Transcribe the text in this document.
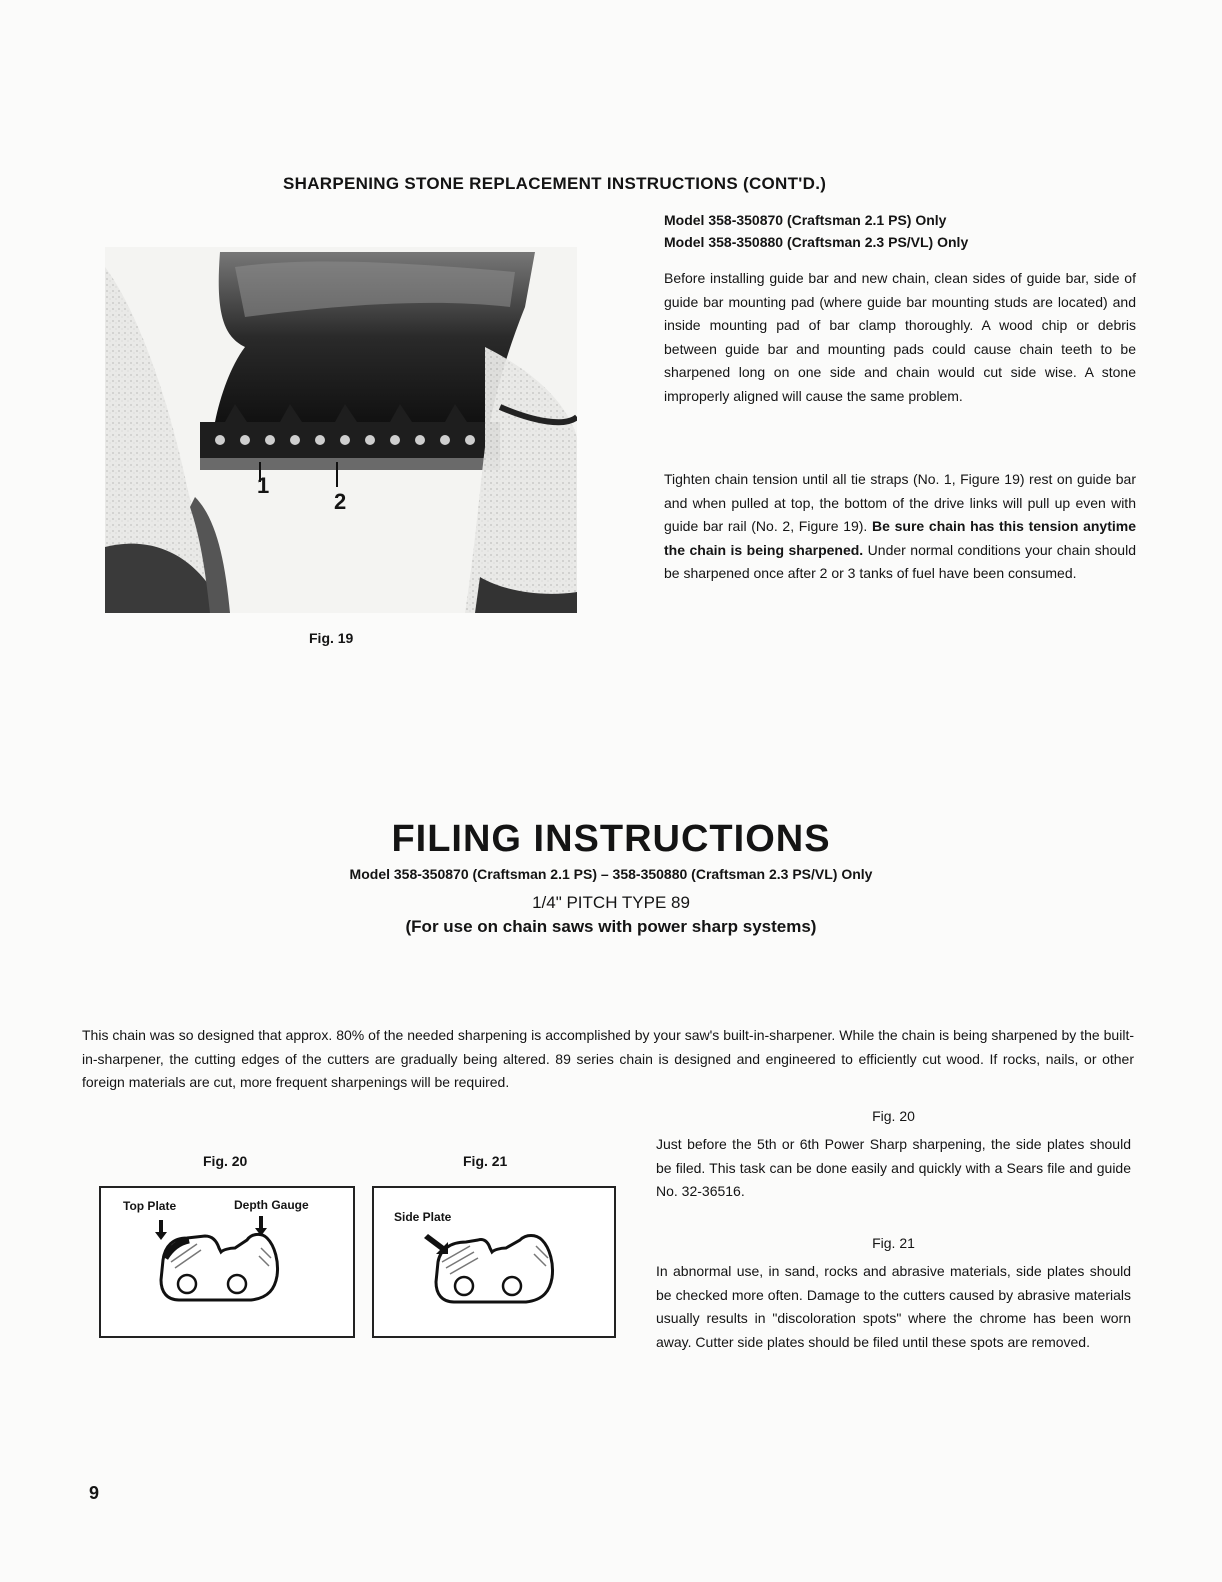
SHARPENING STONE REPLACEMENT INSTRUCTIONS (CONT'D.)
Model 358-350870 (Craftsman 2.1 PS) Only
Model 358-350880 (Craftsman 2.3 PS/VL) Only
1
2
Fig. 19
Before installing guide bar and new chain, clean sides of guide bar, side of guide bar mounting pad (where guide bar mounting studs are located) and inside mounting pad of bar clamp thoroughly. A wood chip or debris between guide bar and mounting pads could cause chain teeth to be sharpened long on one side and chain would cut side wise. A stone improperly aligned will cause the same problem.
Tighten chain tension until all tie straps (No. 1, Figure 19) rest on guide bar and when pulled at top, the bottom of the drive links will pull up even with guide bar rail (No. 2, Figure 19). Be sure chain has this tension anytime the chain is being sharpened. Under normal conditions your chain should be sharpened once after 2 or 3 tanks of fuel have been consumed.
FILING INSTRUCTIONS
Model 358-350870 (Craftsman 2.1 PS) – 358-350880 (Craftsman 2.3 PS/VL) Only
1/4" PITCH TYPE 89
(For use on chain saws with power sharp systems)
This chain was so designed that approx. 80% of the needed sharpening is accomplished by your saw's built-in-sharpener. While the chain is being sharpened by the built-in-sharpener, the cutting edges of the cutters are gradually being altered. 89 series chain is designed and engineered to efficiently cut wood. If rocks, nails, or other foreign materials are cut, more frequent sharpenings will be required.
Fig. 20
Top Plate	Depth Gauge
Fig. 21
Side Plate
Fig. 20
Just before the 5th or 6th Power Sharp sharpening, the side plates should be filed. This task can be done easily and quickly with a Sears file and guide No. 32-36516.
Fig. 21
In abnormal use, in sand, rocks and abrasive materials, side plates should be checked more often. Damage to the cutters caused by abrasive materials usually results in "discoloration spots" where the chrome has been worn away. Cutter side plates should be filed until these spots are removed.
9
